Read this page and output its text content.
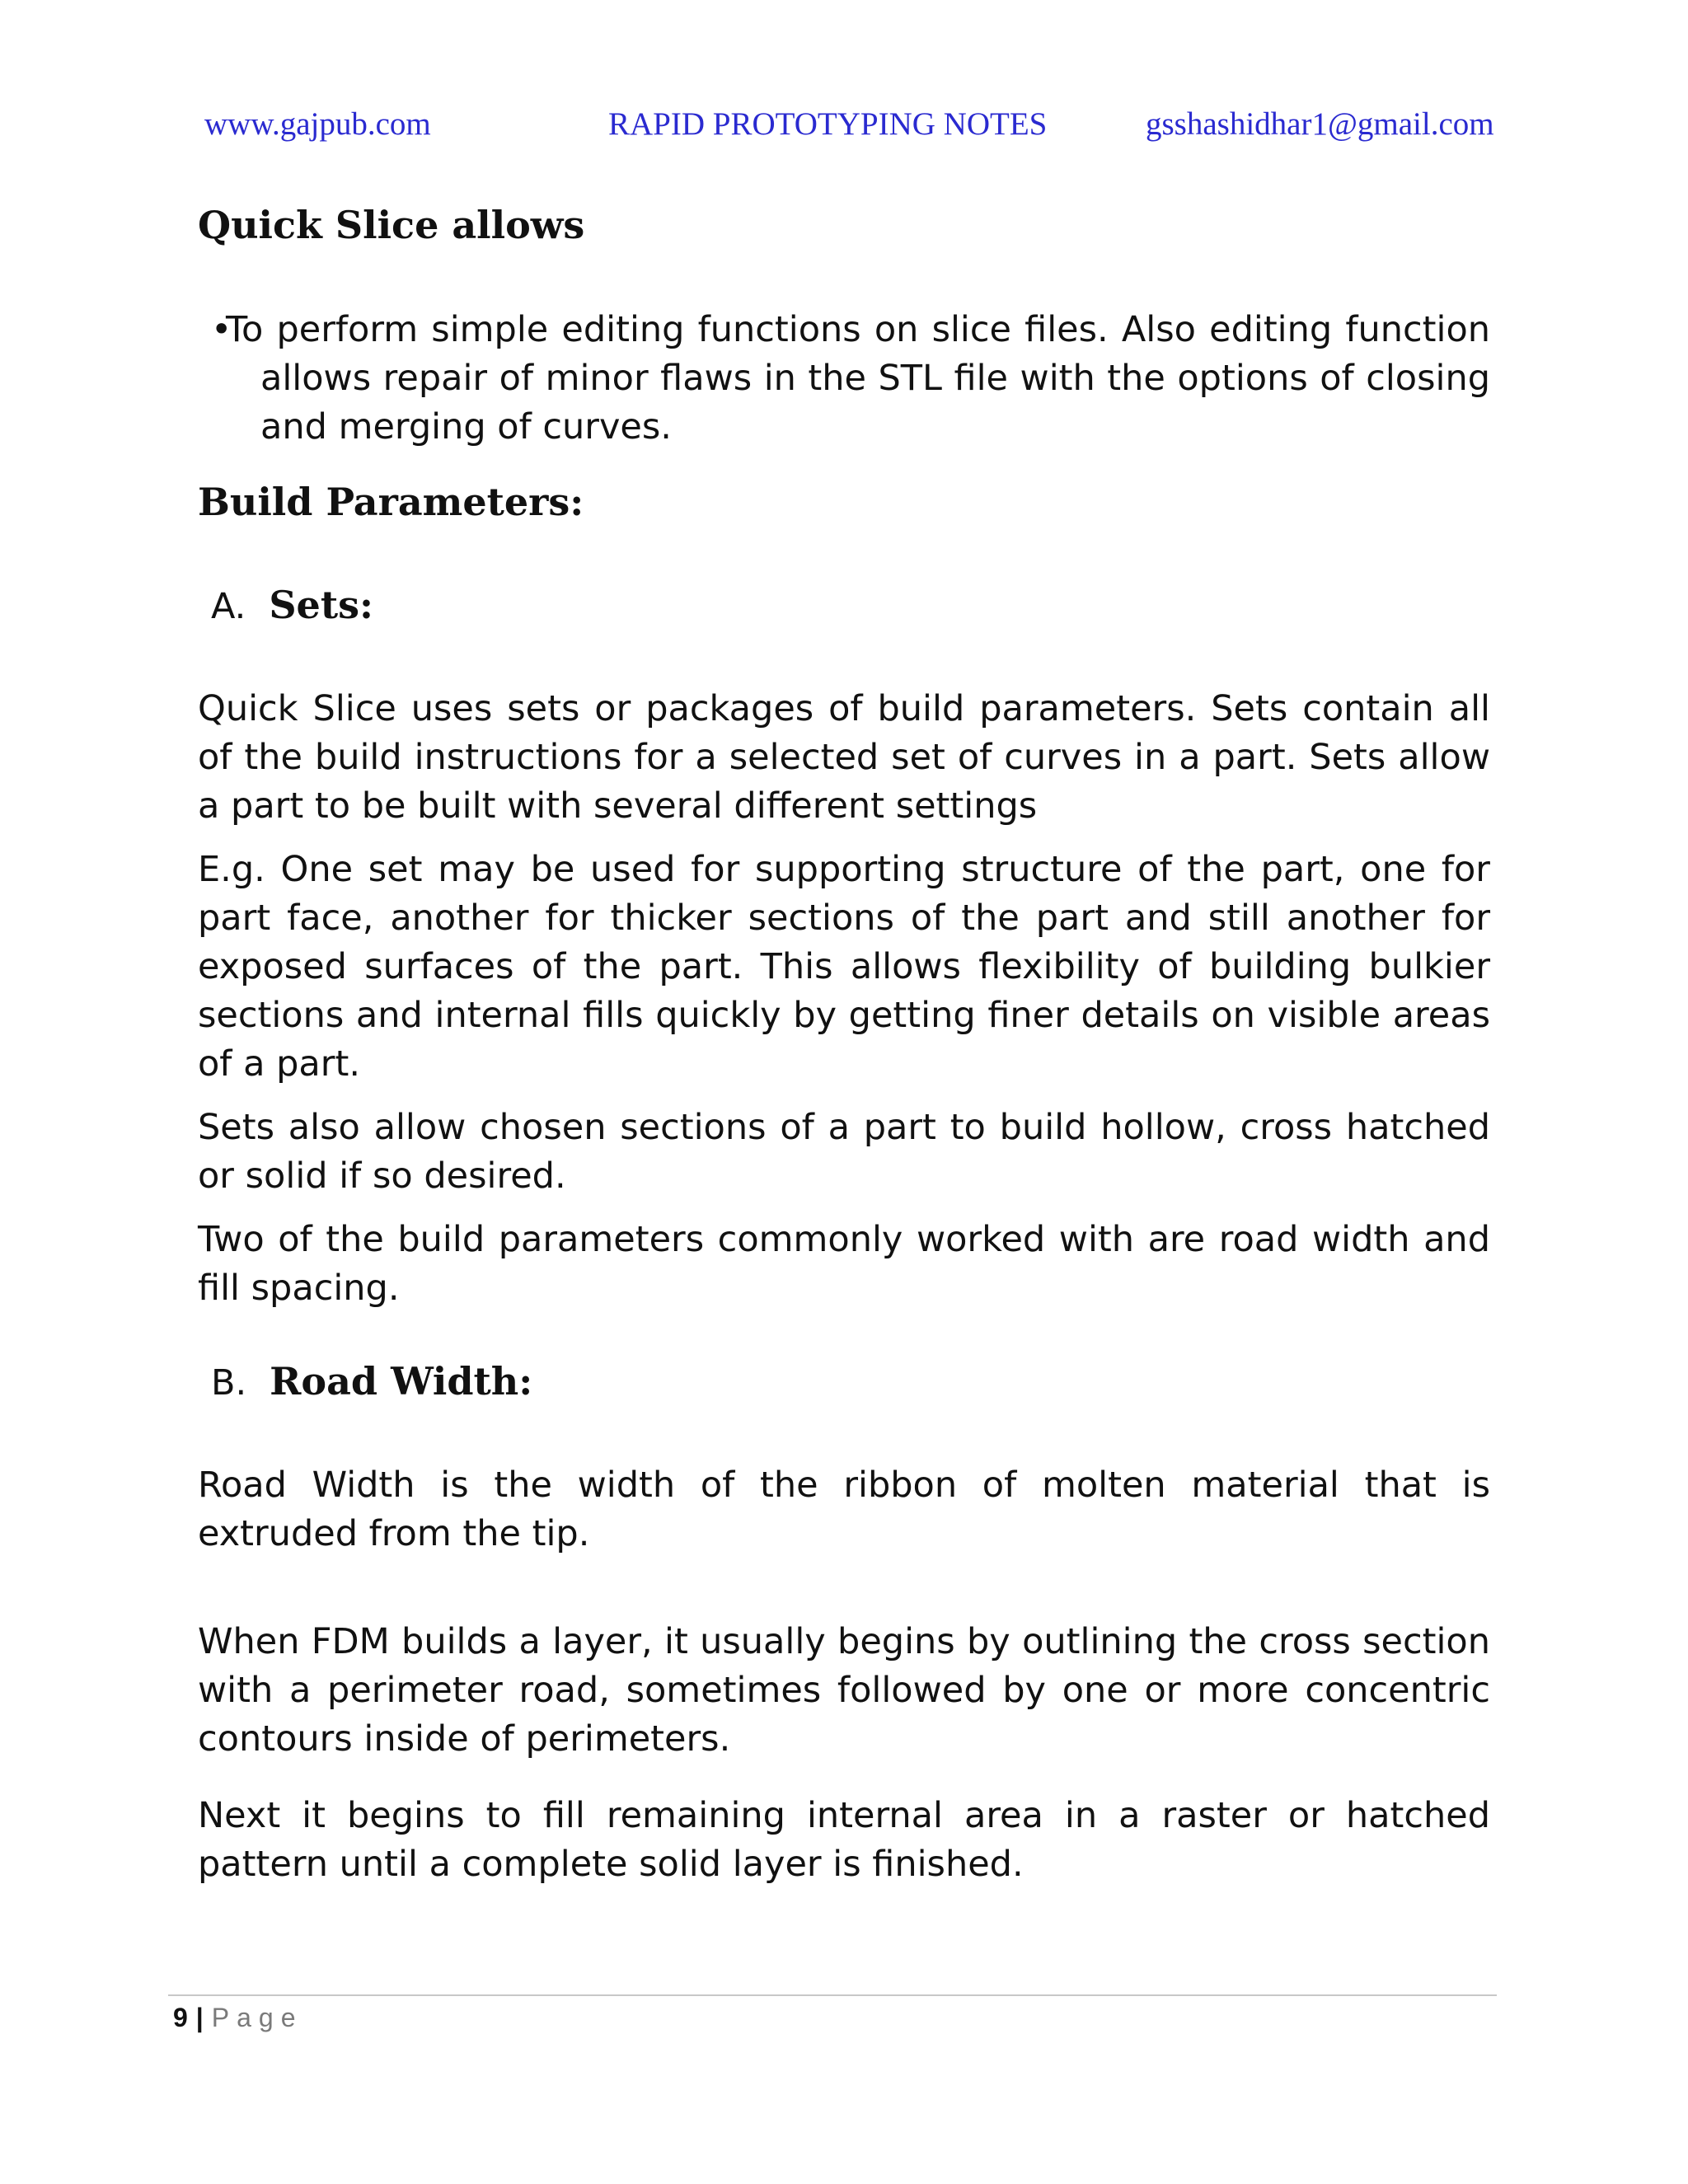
www.gajpub.com	RAPID PROTOTYPING NOTES	gsshashidhar1@gmail.com
Quick Slice allows
•
To perform simple editing functions on slice files. Also editing function allows repair of minor flaws in the STL file with the options of closing and merging of curves.
Build Parameters:
A. Sets:

Quick Slice uses sets or packages of build parameters. Sets contain all of the build instructions for a selected set of curves in a part. Sets allow a part to be built with several different settings

E.g. One set may be used for supporting structure of the part, one for part face, another for thicker sections of the part and still another for exposed surfaces of the part. This allows flexibility of building bulkier sections and internal fills quickly by getting finer details on visible areas of a part.

Sets also allow chosen sections of a part to build hollow, cross hatched or solid if so desired.

Two of the build parameters commonly worked with are road width and fill spacing.

B. Road Width:

Road Width is the width of the ribbon of molten material that is extruded from the tip.

When FDM builds a layer, it usually begins by outlining the cross section with a perimeter road, sometimes followed by one or more concentric contours inside of perimeters.

Next it begins to fill remaining internal area in a raster or hatched pattern until a complete solid layer is finished.

9 | Page
